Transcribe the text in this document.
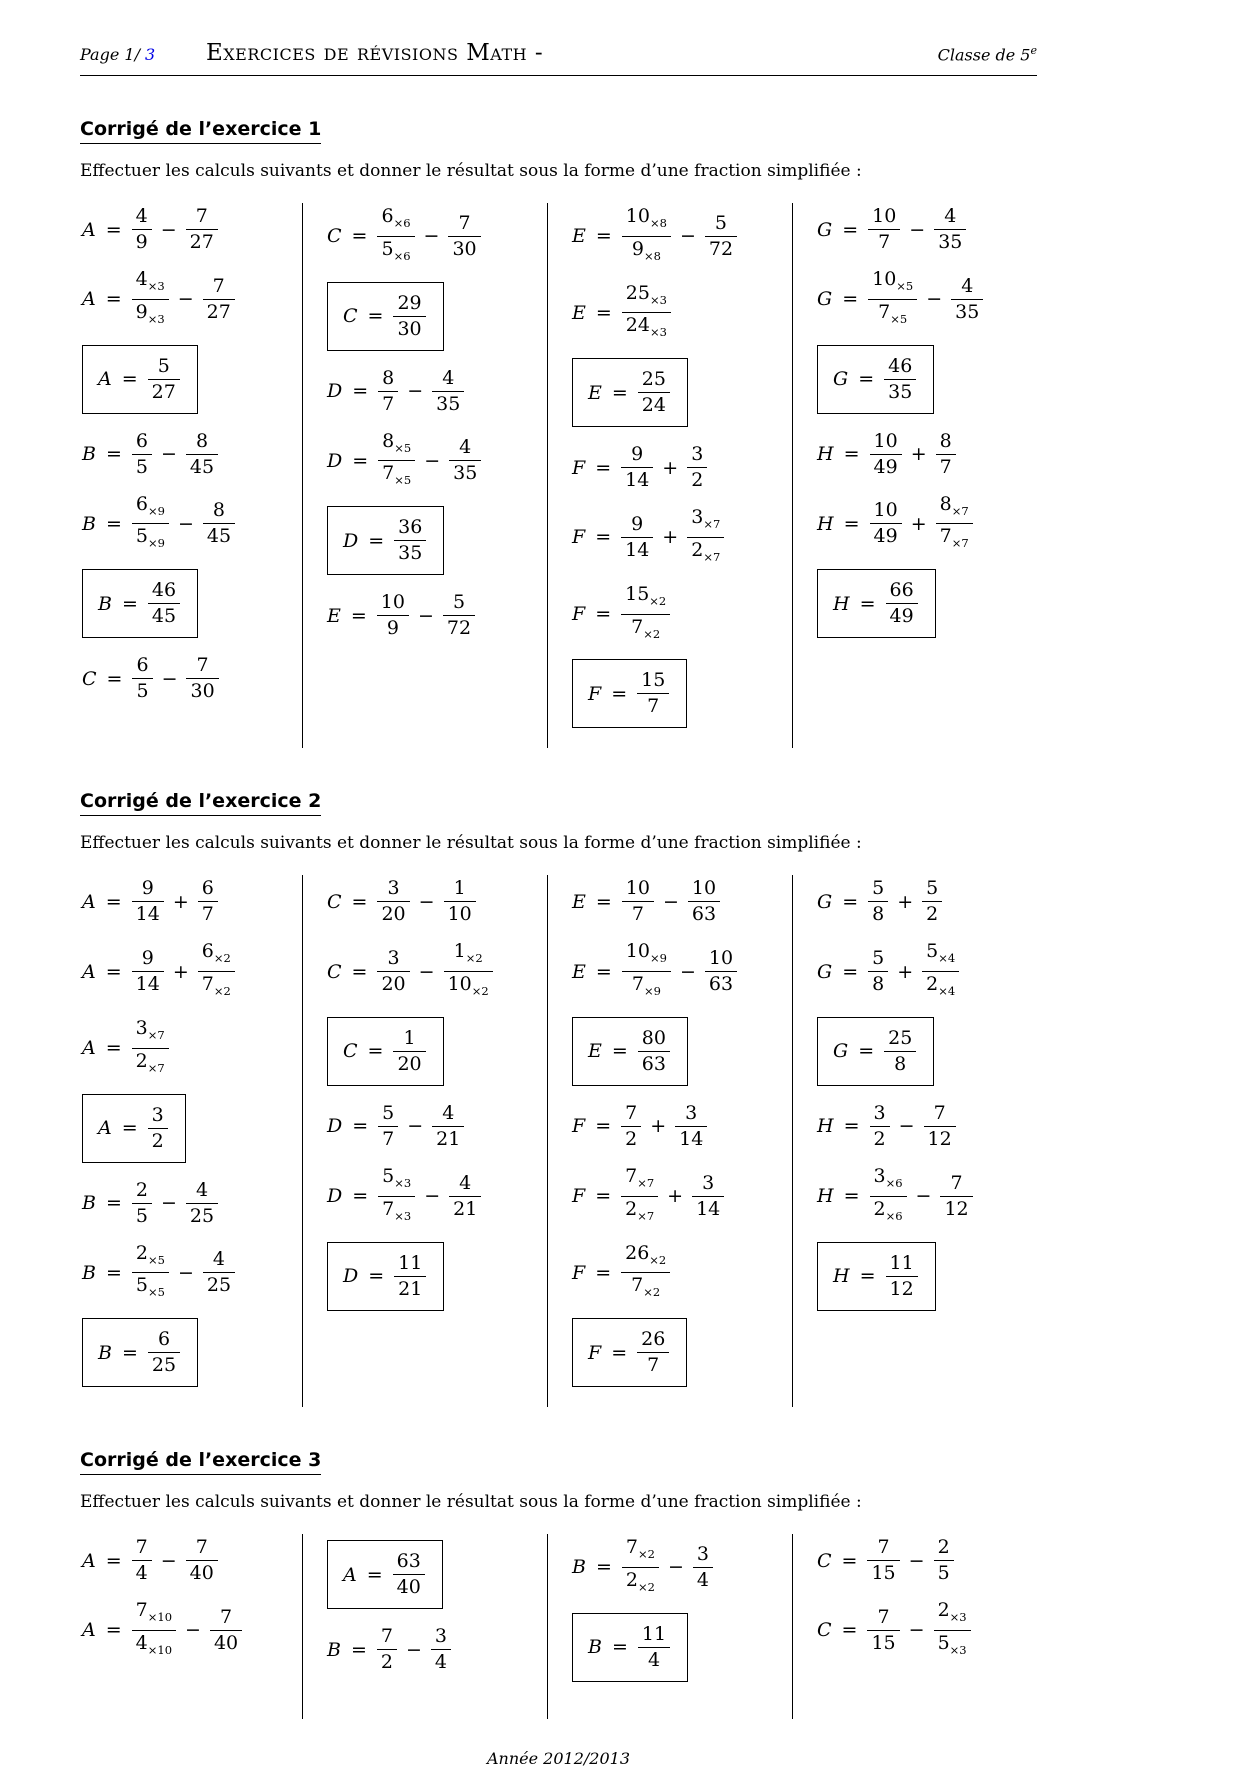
Page 1/ 3	Exercices de révisions Math -	Classe de 5e
Corrigé de l’exercice 1

Effectuer les calculs suivants et donner le résultat sous la forme d’une fraction simplifiée :

$A = \frac{4}{9} - \frac{7}{27}$
$A = \frac{4_{\times 3}}{9_{\times 3}} - \frac{7}{27}$
$A = \frac{5}{27}$
$B = \frac{6}{5} - \frac{8}{45}$
$B = \frac{6_{\times 9}}{5_{\times 9}} - \frac{8}{45}$
$B = \frac{46}{45}$
$C = \frac{6}{5} - \frac{7}{30}$
$C = \frac{6_{\times 6}}{5_{\times 6}} - \frac{7}{30}$
$C = \frac{29}{30}$
$D = \frac{8}{7} - \frac{4}{35}$
$D = \frac{8_{\times 5}}{7_{\times 5}} - \frac{4}{35}$
$D = \frac{36}{35}$
$E = \frac{10}{9} - \frac{5}{72}$
$E = \frac{10_{\times 8}}{9_{\times 8}} - \frac{5}{72}$
$E = \frac{25_{\times 3}}{24_{\times 3}}$
$E = \frac{25}{24}$
$F = \frac{9}{14} + \frac{3}{2}$
$F = \frac{9}{14} + \frac{3_{\times 7}}{2_{\times 7}}$
$F = \frac{15_{\times 2}}{7_{\times 2}}$
$F = \frac{15}{7}$
$G = \frac{10}{7} - \frac{4}{35}$
$G = \frac{10_{\times 5}}{7_{\times 5}} - \frac{4}{35}$
$G = \frac{46}{35}$
$H = \frac{10}{49} + \frac{8}{7}$
$H = \frac{10}{49} + \frac{8_{\times 7}}{7_{\times 7}}$
$H = \frac{66}{49}$
Corrigé de l’exercice 2

Effectuer les calculs suivants et donner le résultat sous la forme d’une fraction simplifiée :

$A = \frac{9}{14} + \frac{6}{7}$
$A = \frac{9}{14} + \frac{6_{\times 2}}{7_{\times 2}}$
$A = \frac{3_{\times 7}}{2_{\times 7}}$
$A = \frac{3}{2}$
$B = \frac{2}{5} - \frac{4}{25}$
$B = \frac{2_{\times 5}}{5_{\times 5}} - \frac{4}{25}$
$B = \frac{6}{25}$
$C = \frac{3}{20} - \frac{1}{10}$
$C = \frac{3}{20} - \frac{1_{\times 2}}{10_{\times 2}}$
$C = \frac{1}{20}$
$D = \frac{5}{7} - \frac{4}{21}$
$D = \frac{5_{\times 3}}{7_{\times 3}} - \frac{4}{21}$
$D = \frac{11}{21}$
$E = \frac{10}{7} - \frac{10}{63}$
$E = \frac{10_{\times 9}}{7_{\times 9}} - \frac{10}{63}$
$E = \frac{80}{63}$
$F = \frac{7}{2} + \frac{3}{14}$
$F = \frac{7_{\times 7}}{2_{\times 7}} + \frac{3}{14}$
$F = \frac{26_{\times 2}}{7_{\times 2}}$
$F = \frac{26}{7}$
$G = \frac{5}{8} + \frac{5}{2}$
$G = \frac{5}{8} + \frac{5_{\times 4}}{2_{\times 4}}$
$G = \frac{25}{8}$
$H = \frac{3}{2} - \frac{7}{12}$
$H = \frac{3_{\times 6}}{2_{\times 6}} - \frac{7}{12}$
$H = \frac{11}{12}$
Corrigé de l’exercice 3

Effectuer les calculs suivants et donner le résultat sous la forme d’une fraction simplifiée :

$A = \frac{7}{4} - \frac{7}{40}$
$A = \frac{7_{\times 10}}{4_{\times 10}} - \frac{7}{40}$
$A = \frac{63}{40}$
$B = \frac{7}{2} - \frac{3}{4}$
$B = \frac{7_{\times 2}}{2_{\times 2}} - \frac{3}{4}$
$B = \frac{11}{4}$
$C = \frac{7}{15} - \frac{2}{5}$
$C = \frac{7}{15} - \frac{2_{\times 3}}{5_{\times 3}}$
Année 2012/2013
